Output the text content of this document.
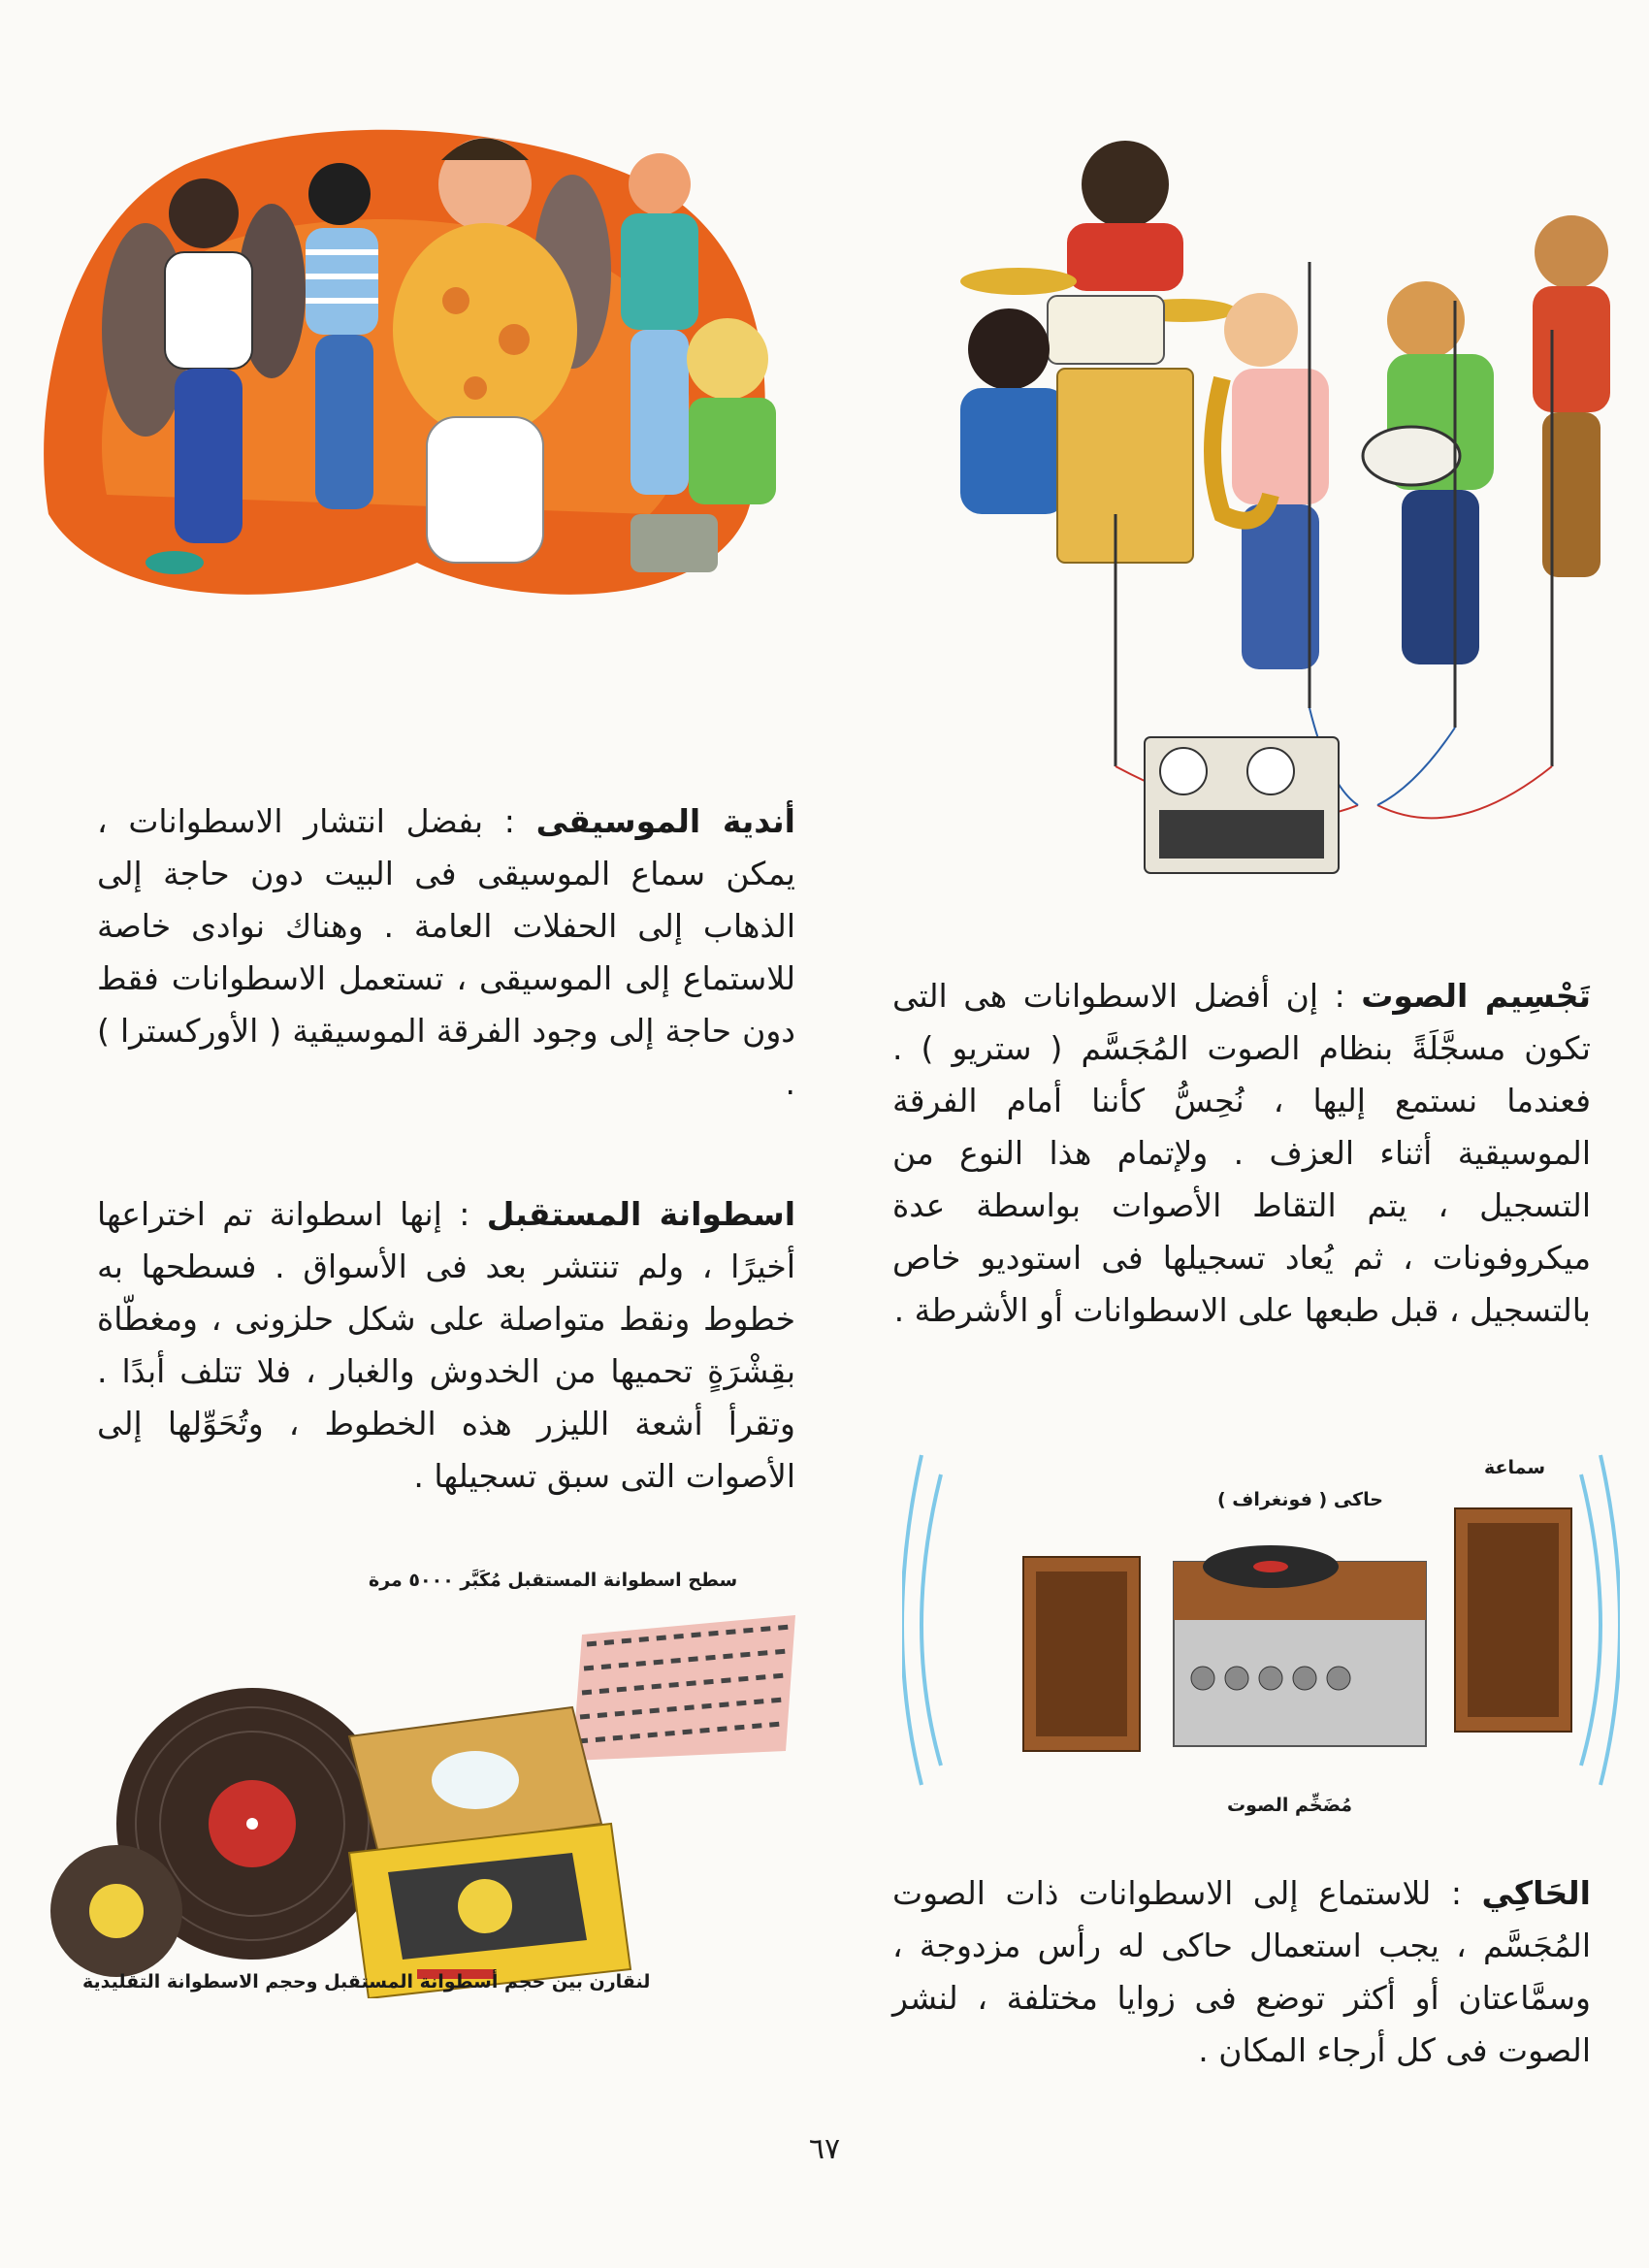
أندية الموسيقى : بفضل انتشار الاسطوانات ، يمكن سماع الموسيقى فى البيت دون حاجة إلى الذهاب إلى الحفلات العامة . وهناك نوادى خاصة للاستماع إلى الموسيقى ، تستعمل الاسطوانات فقط دون حاجة إلى وجود الفرقة الموسيقية ( الأوركسترا ) .

تَجْسِيم الصوت : إن أفضل الاسطوانات هى التى تكون مسجَّلَةً بنظام الصوت المُجَسَّم ( ستريو ) . فعندما نستمع إليها ، نُحِسُّ كأننا أمام الفرقة الموسيقية أثناء العزف . ولإتمام هذا النوع من التسجيل ، يتم التقاط الأصوات بواسطة عدة ميكروفونات ، ثم يُعاد تسجيلها فى استوديو خاص بالتسجيل ، قبل طبعها على الاسطوانات أو الأشرطة .

اسطوانة المستقبل : إنها اسطوانة تم اختراعها أخيرًا ، ولم تنتشر بعد فى الأسواق . فسطحها به خطوط ونقط متواصلة على شكل حلزونى ، ومغطّاة بقِشْرَةٍ تحميها من الخدوش والغبار ، فلا تتلف أبدًا . وتقرأ أشعة الليزر هذه الخطوط ، وتُحَوِّلها إلى الأصوات التى سبق تسجيلها .	سماعة
حاكى ( فونغراف )
مُضَخِّم الصوت
سطح اسطوانة المستقبل مُكَبَّر ٥٠٠٠ مرة
لنقارن بين حجم أسطوانة المستقبل وحجم الاسطوانة التقليدية

الحَاكِي : للاستماع إلى الاسطوانات ذات الصوت المُجَسَّم ، يجب استعمال حاكى له رأس مزدوجة ، وسمَّاعتان أو أكثر توضع فى زوايا مختلفة ، لنشر الصوت فى كل أرجاء المكان .

٦٧
